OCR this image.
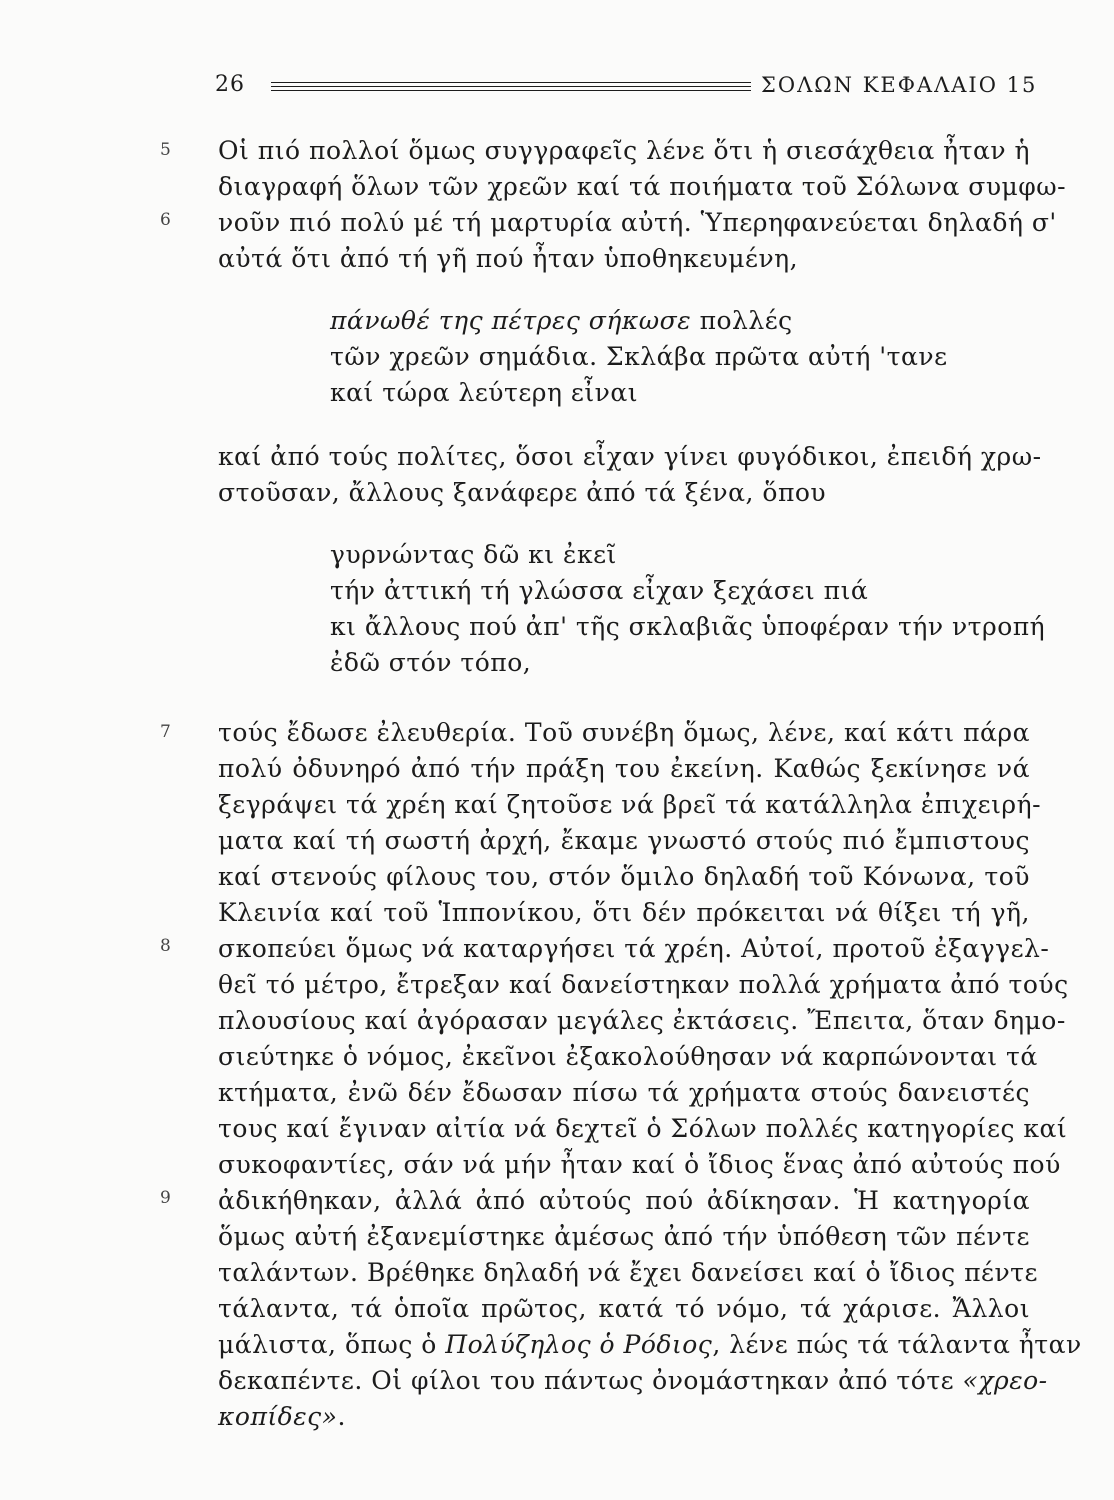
26	ΣΟΛΩΝ ΚΕΦΑΛΑΙΟ 15
5
6
7
8
9
Οἱ πιό πολλοί ὅμως συγγραφεῖς λένε ὅτι ἡ σιεσάχθεια ἦταν ἡ
διαγραφή ὅλων τῶν χρεῶν καί τά ποιήματα τοῦ Σόλωνα συμφω-
νοῦν πιό πολύ μέ τή μαρτυρία αὐτή. Ὑπερηφανεύεται δηλαδή σ'
αὐτά ὅτι ἀπό τή γῆ πού ἦταν ὑποθηκευμένη,
πάνωθέ της πέτρες σήκωσε πολλές
τῶν χρεῶν σημάδια. Σκλάβα πρῶτα αὐτή 'τανε
καί τώρα λεύτερη εἶναι
καί ἀπό τούς πολίτες, ὅσοι εἶχαν γίνει φυγόδικοι, ἐπειδή χρω-
στοῦσαν, ἄλλους ξανάφερε ἀπό τά ξένα, ὅπου
γυρνώντας δῶ κι ἐκεῖ
τήν ἀττική τή γλώσσα εἶχαν ξεχάσει πιά
κι ἄλλους πού ἀπ' τῆς σκλαβιᾶς ὑποφέραν τήν ντροπή
ἐδῶ στόν τόπο,
τούς ἔδωσε ἐλευθερία. Τοῦ συνέβη ὅμως, λένε, καί κάτι πάρα
πολύ ὀδυνηρό ἀπό τήν πράξη του ἐκείνη. Καθώς ξεκίνησε νά
ξεγράψει τά χρέη καί ζητοῦσε νά βρεῖ τά κατάλληλα ἐπιχειρή-
ματα καί τή σωστή ἀρχή, ἔκαμε γνωστό στούς πιό ἔμπιστους
καί στενούς φίλους του, στόν ὅμιλο δηλαδή τοῦ Κόνωνα, τοῦ
Κλεινία καί τοῦ Ἱππονίκου, ὅτι δέν πρόκειται νά θίξει τή γῆ,
σκοπεύει ὅμως νά καταργήσει τά χρέη. Αὐτοί, προτοῦ ἐξαγγελ-
θεῖ τό μέτρο, ἔτρεξαν καί δανείστηκαν πολλά χρήματα ἀπό τούς
πλουσίους καί ἀγόρασαν μεγάλες ἐκτάσεις. Ἔπειτα, ὅταν δημο-
σιεύτηκε ὁ νόμος, ἐκεῖνοι ἐξακολούθησαν νά καρπώνονται τά
κτήματα, ἐνῶ δέν ἔδωσαν πίσω τά χρήματα στούς δανειστές
τους καί ἔγιναν αἰτία νά δεχτεῖ ὁ Σόλων πολλές κατηγορίες καί
συκοφαντίες, σάν νά μήν ἦταν καί ὁ ἴδιος ἕνας ἀπό αὐτούς πού
ἀδικήθηκαν, ἀλλά ἀπό αὐτούς πού ἀδίκησαν. Ἡ κατηγορία
ὅμως αὐτή ἐξανεμίστηκε ἀμέσως ἀπό τήν ὑπόθεση τῶν πέντε
ταλάντων. Βρέθηκε δηλαδή νά ἔχει δανείσει καί ὁ ἴδιος πέντε
τάλαντα, τά ὁποῖα πρῶτος, κατά τό νόμο, τά χάρισε. Ἄλλοι
μάλιστα, ὅπως ὁ Πολύζηλος ὁ Ρόδιος, λένε πώς τά τάλαντα ἦταν
δεκαπέντε. Οἱ φίλοι του πάντως ὀνομάστηκαν ἀπό τότε «χρεο-
κοπίδες».
